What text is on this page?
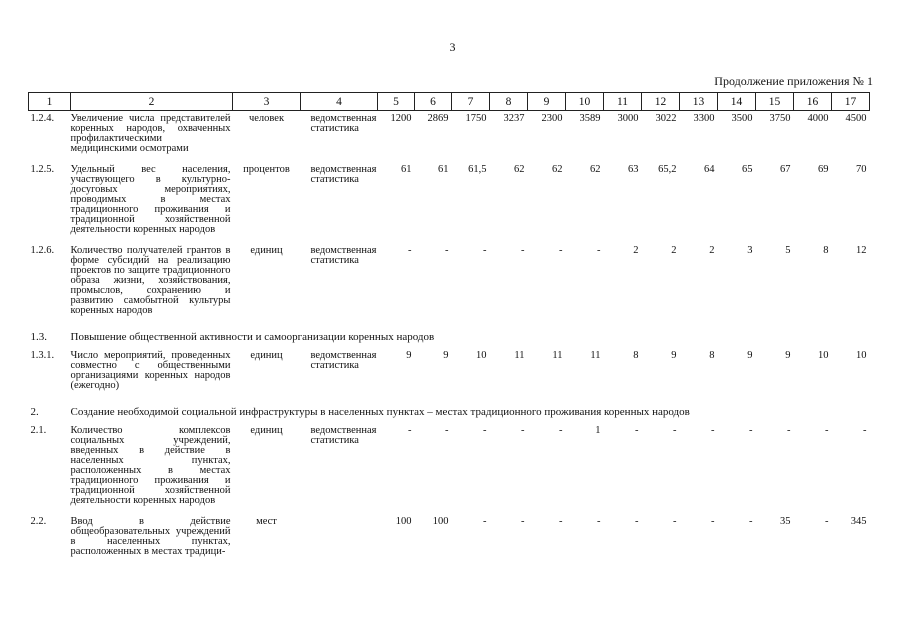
3
Продолжение приложения № 1
1	2	3	4	5	6	7	8	9	10	11	12	13	14	15	16	17
1.2.4.	Увеличение числа представителей коренных народов, охваченных профилактическими медицинскими осмотрами	человек	ведомственная статистика	1200	2869	1750	3237	2300	3589	3000	3022	3300	3500	3750	4000	4500
1.2.5.	Удельный вес населения, участвующего в культурно-досуговых мероприятиях, проводимых в местах традиционного проживания и традиционной хозяйственной деятельности коренных народов	процентов	ведомственная статистика	61	61	61,5	62	62	62	63	65,2	64	65	67	69	70
1.2.6.	Количество получателей грантов в форме субсидий на реализацию проектов по защите традиционного образа жизни, хозяйствования, промыслов, сохранению и развитию самобытной культуры коренных народов	единиц	ведомственная статистика	-	-	-	-	-	-	2	2	2	3	5	8	12
1.3.	Повышение общественной активности и самоорганизации коренных народов															
1.3.1.	Число мероприятий, проведенных совместно с общественными организациями коренных народов (ежегодно)	единиц	ведомственная статистика	9	9	10	11	11	11	8	9	8	9	9	10	10
2.	Создание необходимой социальной инфраструктуры в населенных пунктах – местах традиционного проживания коренных народов															
2.1.	Количество комплексов социальных учреждений, введенных в действие в населенных пунктах, расположенных в местах традиционного проживания и традиционной хозяйственной деятельности коренных народов	единиц	ведомственная статистика	-	-	-	-	-	1	-	-	-	-	-	-	-
2.2.	Ввод в действие общеобразовательных учреждений в населенных пунктах, расположенных в местах традици-	мест		100	100	-	-	-	-	-	-	-	-	35	-	345
